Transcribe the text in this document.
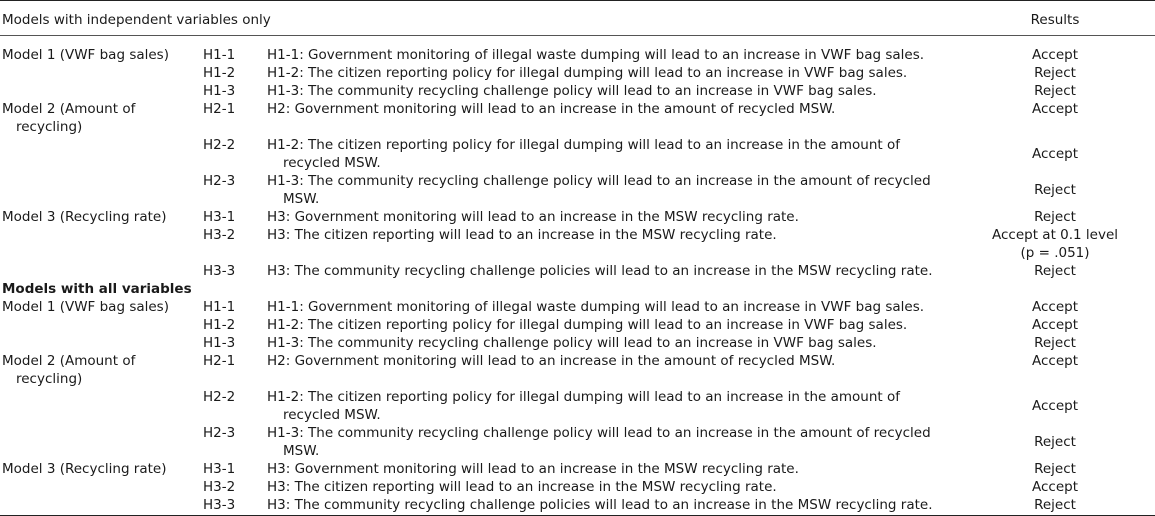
Models with independent variables only			Results

Model 1 (VWF bag sales)	H1-1	H1-1: Government monitoring of illegal waste dumping will lead to an increase in VWF bag sales.	Accept
	H1-2	H1-2: The citizen reporting policy for illegal dumping will lead to an increase in VWF bag sales.	Reject
	H1-3	H1-3: The community recycling challenge policy will lead to an increase in VWF bag sales.	Reject
Model 2 (Amount of
recycling)	H2-1	H2: Government monitoring will lead to an increase in the amount of recycled MSW.	Accept
	H2-2	H1-2: The citizen reporting policy for illegal dumping will lead to an increase in the amount of recycled MSW.	Accept
	H2-3	H1-3: The community recycling challenge policy will lead to an increase in the amount of recycled MSW.	Reject
Model 3 (Recycling rate)	H3-1	H3: Government monitoring will lead to an increase in the MSW recycling rate.	Reject
	H3-2	H3: The citizen reporting will lead to an increase in the MSW recycling rate.	Accept at 0.1 level
(p = .051)
	H3-3	H3: The community recycling challenge policies will lead to an increase in the MSW recycling rate.	Reject
Models with all variables			
Model 1 (VWF bag sales)	H1-1	H1-1: Government monitoring of illegal waste dumping will lead to an increase in VWF bag sales.	Accept
	H1-2	H1-2: The citizen reporting policy for illegal dumping will lead to an increase in VWF bag sales.	Accept
	H1-3	H1-3: The community recycling challenge policy will lead to an increase in VWF bag sales.	Reject
Model 2 (Amount of
recycling)	H2-1	H2: Government monitoring will lead to an increase in the amount of recycled MSW.	Accept
	H2-2	H1-2: The citizen reporting policy for illegal dumping will lead to an increase in the amount of recycled MSW.	Accept
	H2-3	H1-3: The community recycling challenge policy will lead to an increase in the amount of recycled MSW.	Reject
Model 3 (Recycling rate)	H3-1	H3: Government monitoring will lead to an increase in the MSW recycling rate.	Reject
	H3-2	H3: The citizen reporting will lead to an increase in the MSW recycling rate.	Accept
	H3-3	H3: The community recycling challenge policies will lead to an increase in the MSW recycling rate.	Reject
